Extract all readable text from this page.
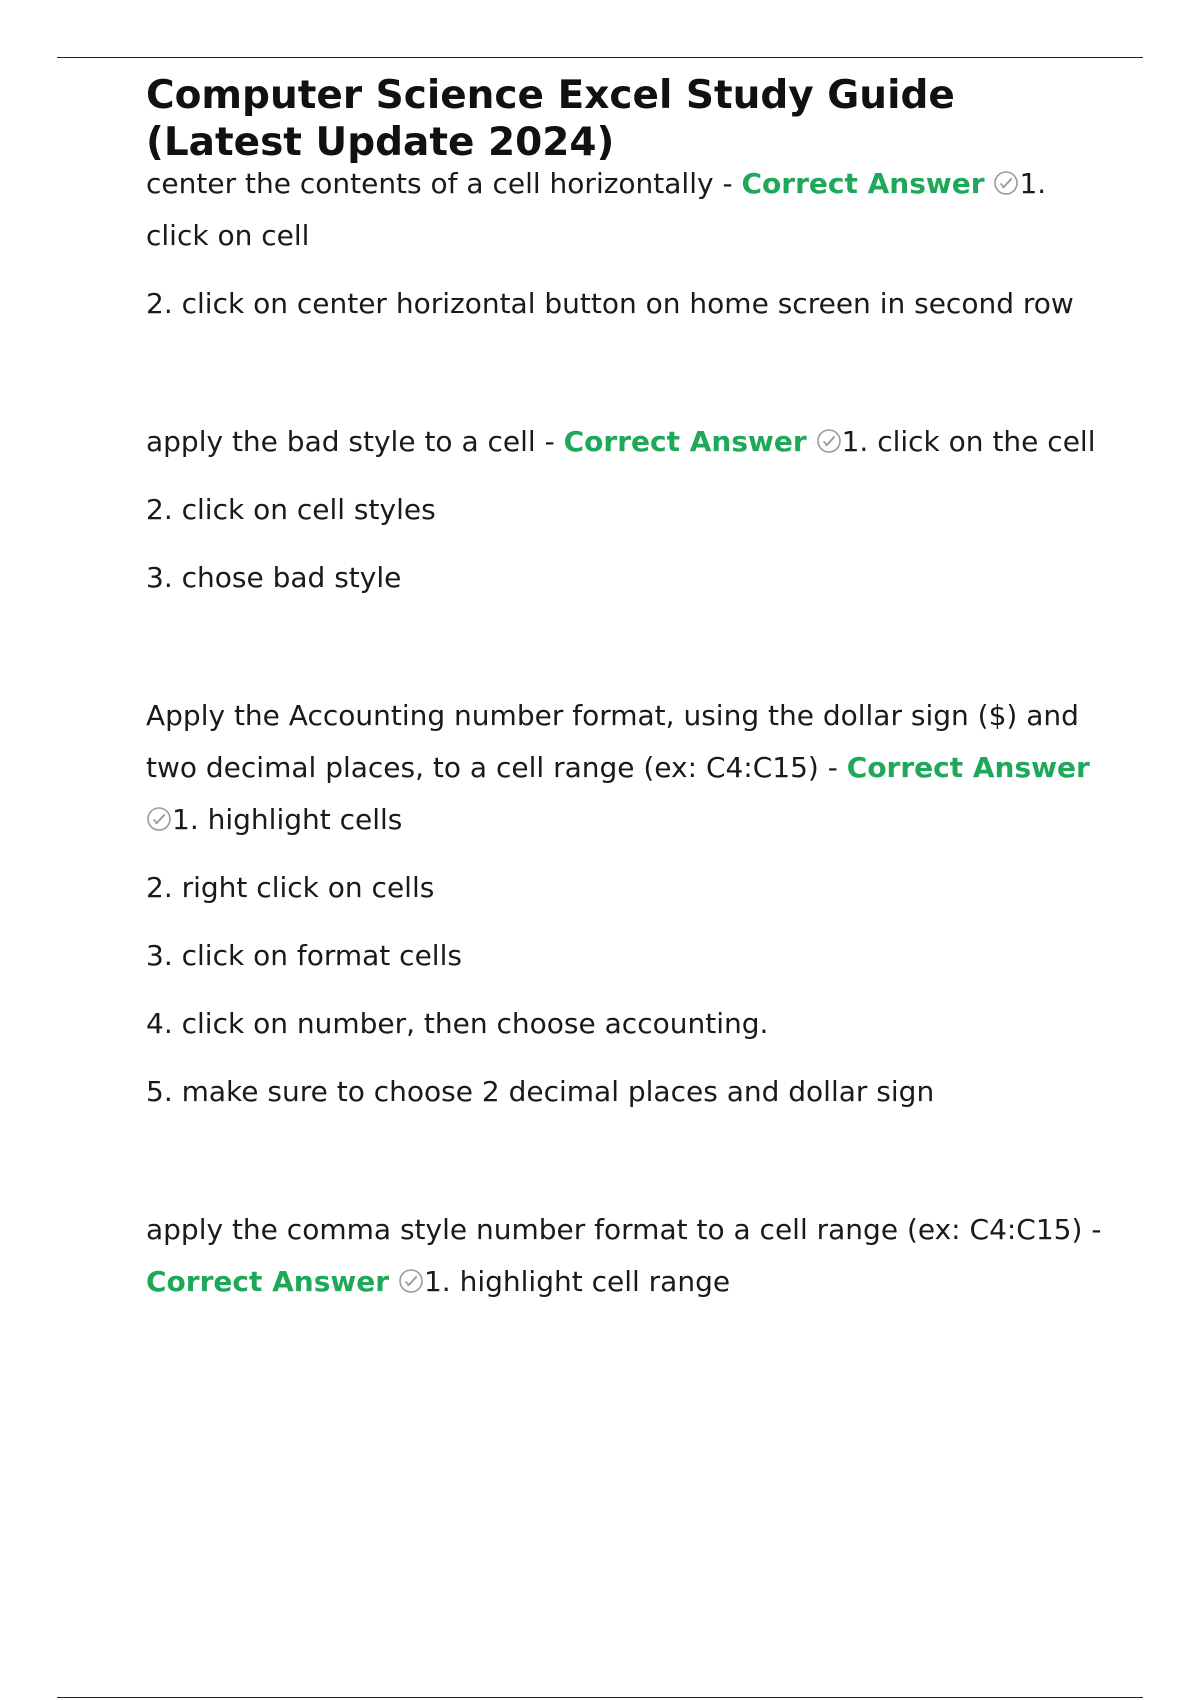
Computer Science Excel Study Guide (Latest Update 2024)

center the contents of a cell horizontally - Correct Answer 1. click on cell

2. click on center horizontal button on home screen in second row

apply the bad style to a cell - Correct Answer 1. click on the cell

2. click on cell styles

3. chose bad style

Apply the Accounting number format, using the dollar sign ($) and two decimal places, to a cell range (ex: C4:C15) - Correct Answer
1. highlight cells

2. right click on cells

3. click on format cells

4. click on number, then choose accounting.

5. make sure to choose 2 decimal places and dollar sign

apply the comma style number format to a cell range (ex: C4:C15) - Correct Answer 1. highlight cell range
